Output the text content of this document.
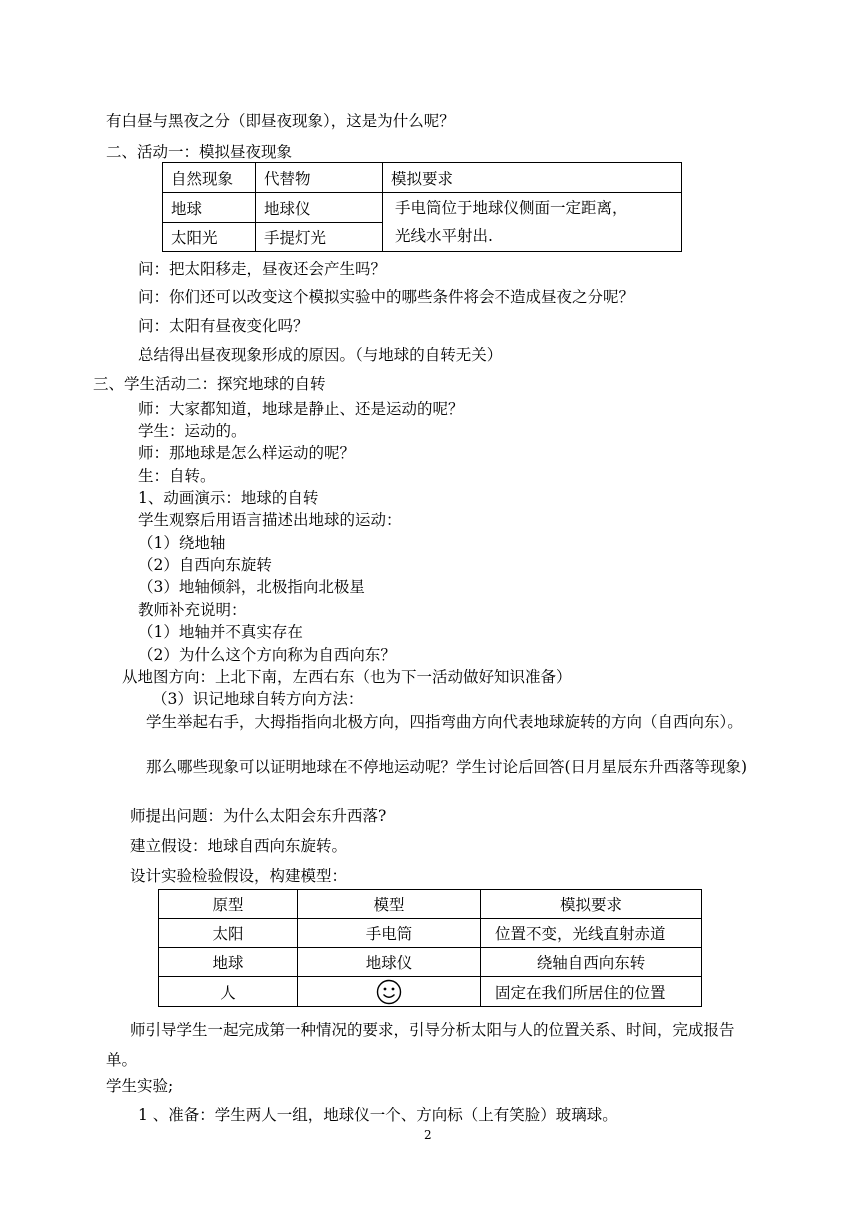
有白昼与黑夜之分（即昼夜现象），这是为什么呢？
二、活动一：模拟昼夜现象
自然现象	代替物	模拟要求
地球	地球仪	手电筒位于地球仪侧面一定距离，
光线水平射出.

太阳光	手提灯光	
问：把太阳移走，昼夜还会产生吗？
问：你们还可以改变这个模拟实验中的哪些条件将会不造成昼夜之分呢？
问：太阳有昼夜变化吗？
总结得出昼夜现象形成的原因。（与地球的自转无关）
三、学生活动二：探究地球的自转
师：大家都知道，地球是静止、还是运动的呢？
学生：运动的。
师：那地球是怎么样运动的呢？
生：自转。
1、动画演示：地球的自转
学生观察后用语言描述出地球的运动：
（1）绕地轴
（2）自西向东旋转
（3）地轴倾斜，北极指向北极星
教师补充说明：
（1）地轴并不真实存在
（2）为什么这个方向称为自西向东？
从地图方向：上北下南，左西右东（也为下一活动做好知识准备）
（3）识记地球自转方向方法：
学生举起右手，大拇指指向北极方向，四指弯曲方向代表地球旋转的方向（自西向东）。
那么哪些现象可以证明地球在不停地运动呢？学生讨论后回答(日月星辰东升西落等现象)
师提出问题：为什么太阳会东升西落?
建立假设：地球自西向东旋转。
设计实验检验假设，构建模型：
原型	模型	模拟要求
太阳	手电筒	位置不变，光线直射赤道
地球	地球仪	绕轴自西向东转
人		固定在我们所居住的位置
师引导学生一起完成第一种情况的要求，引导分析太阳与人的位置关系、时间，完成报告单。
学生实验;
1 、准备：学生两人一组，地球仪一个、方向标（上有笑脸）玻璃球。
2
